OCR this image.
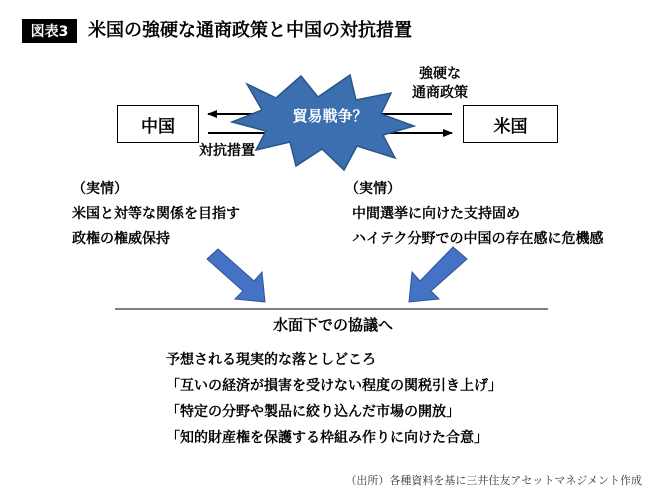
図表3	米国の強硬な通商政策と中国の対抗措置
貿易戦争？
中国	米国
強硬な
通商政策
対抗措置
（実情）
米国と対等な関係を目指す
政権の権威保持
（実情）
中間選挙に向けた支持固め
ハイテク分野での中国の存在感に危機感
水面下での協議へ
予想される現実的な落としどころ
「互いの経済が損害を受けない程度の関税引き上げ」
「特定の分野や製品に絞り込んだ市場の開放」
「知的財産権を保護する枠組み作りに向けた合意」
（出所）各種資料を基に三井住友アセットマネジメント作成
